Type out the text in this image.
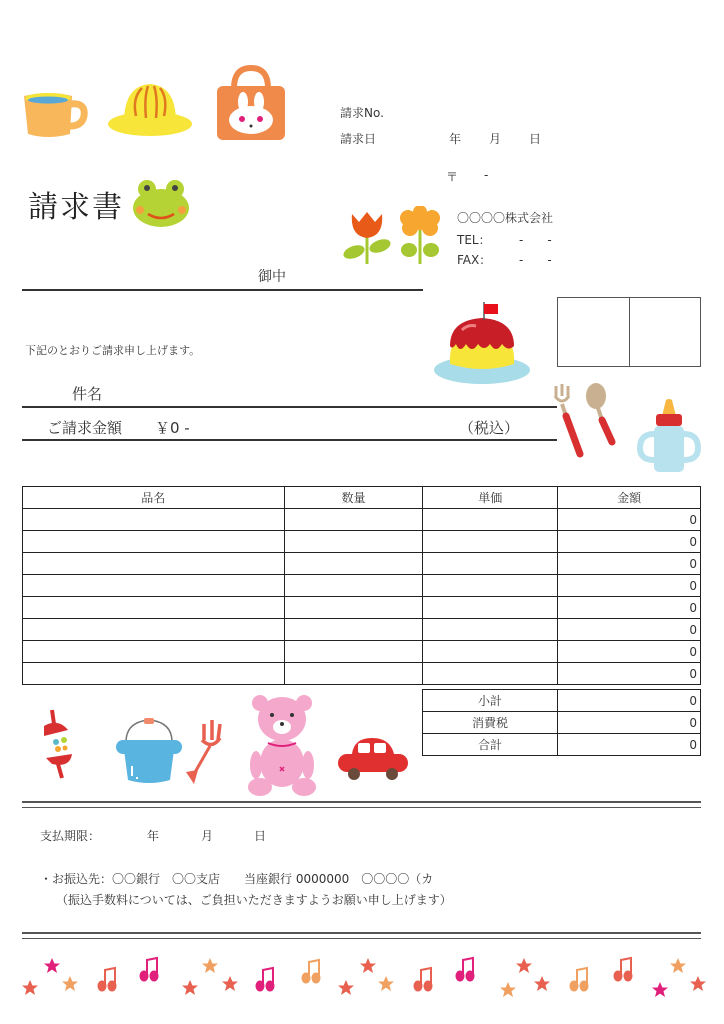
請求No.
請求日	年 月 日
〒 -
請求書	〇〇〇〇株式会社
TEL： -　　-
FAX： -　　-
御中
下記のとおりご請求申し上げます。
件名
ご請求金額 ￥0 -	（税込）
品名	数量	単価	金額
			0
			0
			0
			0
			0
			0
			0
			0
小計	0
消費税	0
合計	0
支払期限：	年	月	日
・お振込先：〇〇銀行　〇〇支店　　当座銀行 0000000　〇〇〇〇（カ
（振込手数料については、ご負担いただきますようお願い申し上げます）
